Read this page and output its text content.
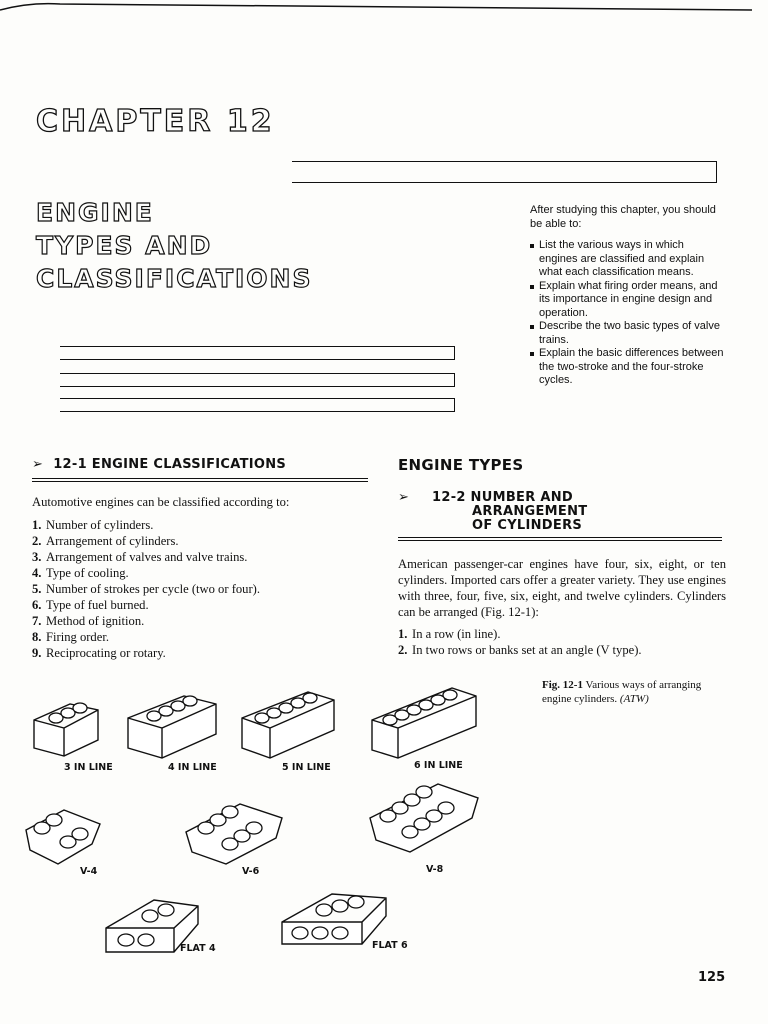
CHAPTER 12
ENGINE
TYPES AND
CLASSIFICATIONS
After studying this chapter, you should be able to:
List the various ways in which engines are classified and explain what each classification means.
Explain what firing order means, and its importance in engine design and operation.
Describe the two basic types of valve trains.
Explain the basic differences between the two-stroke and the four-stroke cycles.
➢ 12-1 ENGINE CLASSIFICATIONS
Automotive engines can be classified according to:
1. Number of cylinders.
2. Arrangement of cylinders.
3. Arrangement of valves and valve trains.
4. Type of cooling.
5. Number of strokes per cycle (two or four).
6. Type of fuel burned.
7. Method of ignition.
8. Firing order.
9. Reciprocating or rotary.
ENGINE TYPES
➢	12-2 NUMBER AND
ARRANGEMENT
OF CYLINDERS
American passenger-car engines have four, six, eight, or ten cylinders. Imported cars offer a greater variety. They use engines with three, four, five, six, eight, and twelve cylinders. Cylinders can be arranged (Fig. 12-1):
1. In a row (in line).
2. In two rows or banks set at an angle (V type).
Fig. 12-1 Various ways of arranging engine cylinders. (ATW)
3 IN LINE	4 IN LINE	5 IN LINE	6 IN LINE
V-4	V-6	V-8
FLAT 4	FLAT 6
125
